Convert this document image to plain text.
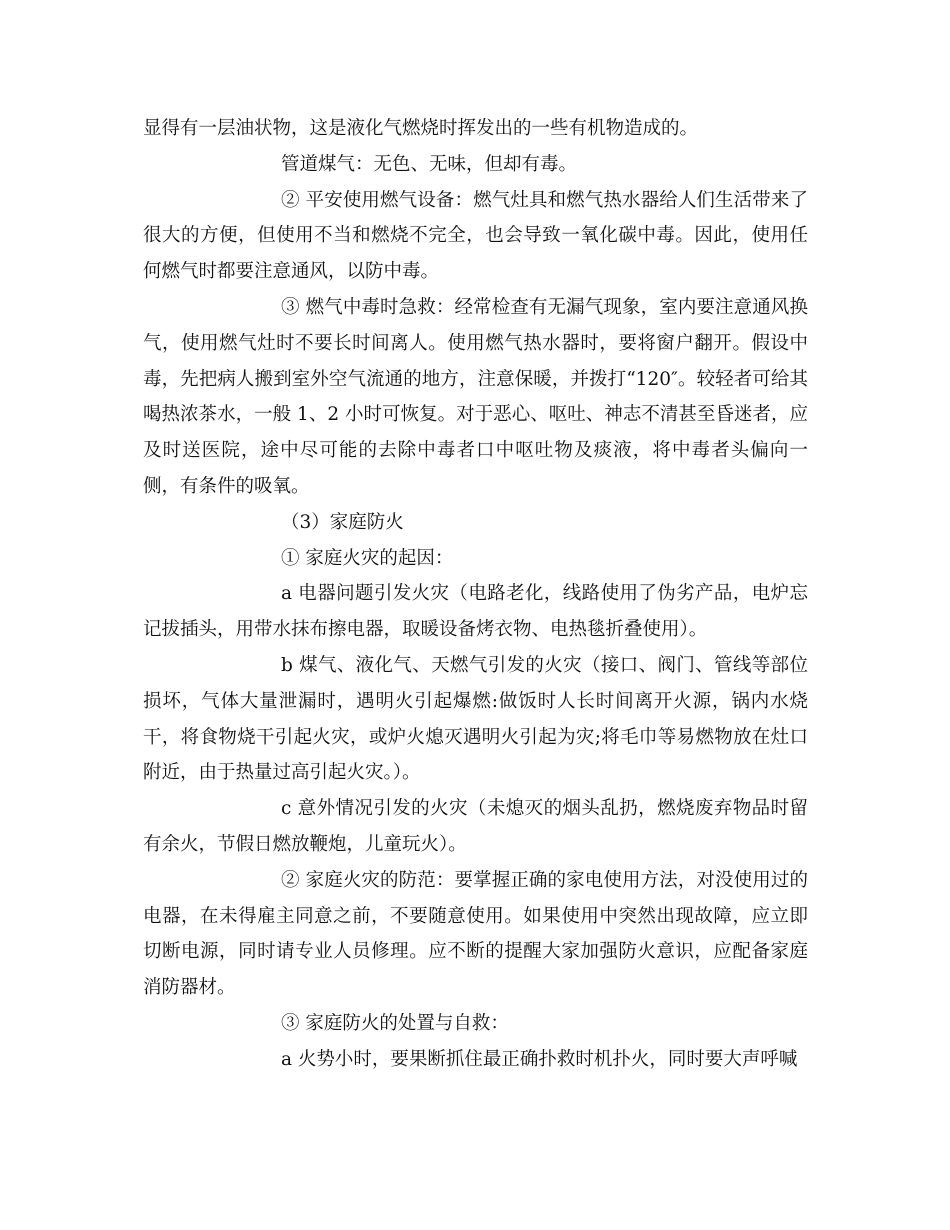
显得有一层油状物，这是液化气燃烧时挥发出的一些有机物造成的。

管道煤气：无色、无味，但却有毒。

② 平安使用燃气设备：燃气灶具和燃气热水器给人们生活带来了很大的方便，但使用不当和燃烧不完全，也会导致一氧化碳中毒。因此，使用任何燃气时都要注意通风，以防中毒。

③ 燃气中毒时急救：经常检查有无漏气现象，室内要注意通风换气，使用燃气灶时不要长时间离人。使用燃气热水器时，要将窗户翻开。假设中毒，先把病人搬到室外空气流通的地方，注意保暖，并拨打“120″。较轻者可给其喝热浓茶水，一般 1、2 小时可恢复。对于恶心、呕吐、神志不清甚至昏迷者，应及时送医院，途中尽可能的去除中毒者口中呕吐物及痰液，将中毒者头偏向一侧，有条件的吸氧。

（3）家庭防火

① 家庭火灾的起因：

a 电器问题引发火灾（电路老化，线路使用了伪劣产品，电炉忘记拔插头，用带水抹布擦电器，取暖设备烤衣物、电热毯折叠使用）。

b 煤气、液化气、天燃气引发的火灾（接口、阀门、管线等部位损坏，气体大量泄漏时，遇明火引起爆燃:做饭时人长时间离开火源，锅内水烧干，将食物烧干引起火灾，或炉火熄灭遇明火引起为灾;将毛巾等易燃物放在灶口附近，由于热量过高引起火灾。）。

c 意外情况引发的火灾（未熄灭的烟头乱扔，燃烧废弃物品时留有余火，节假日燃放鞭炮，儿童玩火）。

② 家庭火灾的防范：要掌握正确的家电使用方法，对没使用过的电器，在未得雇主同意之前，不要随意使用。如果使用中突然出现故障，应立即切断电源，同时请专业人员修理。应不断的提醒大家加强防火意识，应配备家庭消防器材。

③ 家庭防火的处置与自救：

a 火势小时，要果断抓住最正确扑救时机扑火，同时要大声呼喊
